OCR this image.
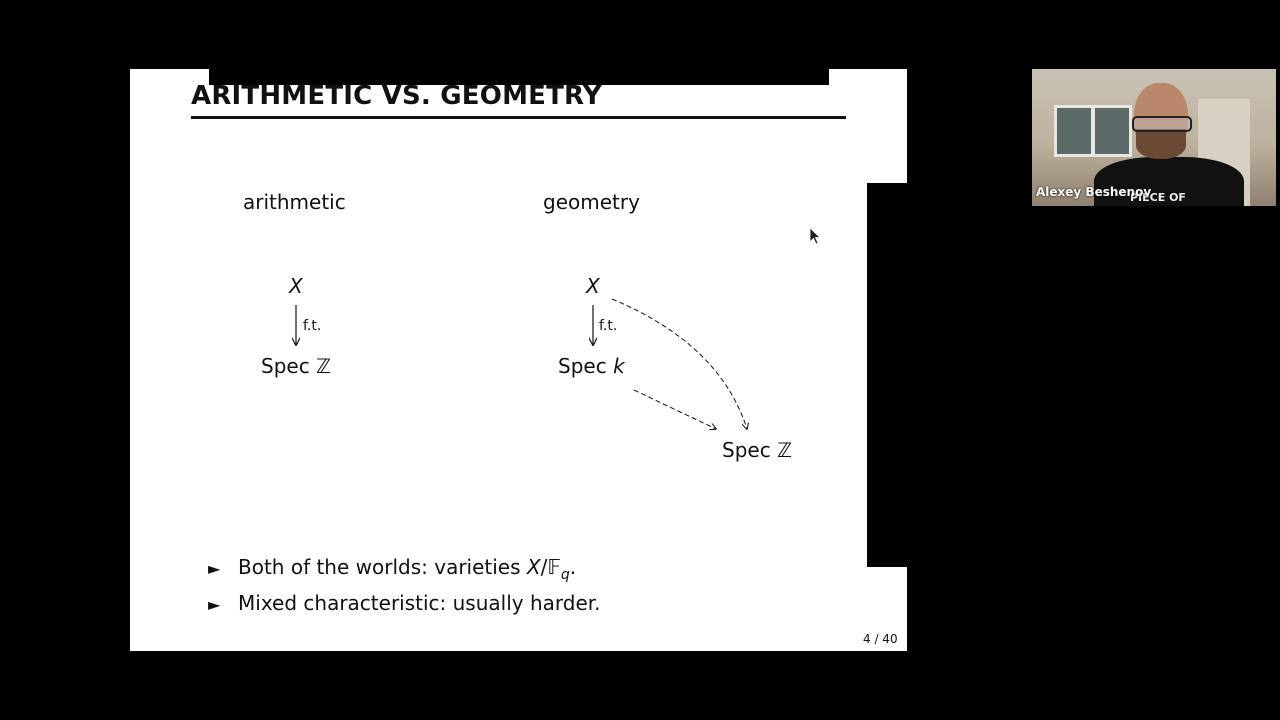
ARITHMETIC VS. GEOMETRY
arithmetic	geometry
X
f.t.
Spec ℤ
X
f.t.
Spec k
Spec ℤ
► Both of the worlds: varieties X/𝔽$_q$.
► Mixed characteristic: usually harder.
4 / 40
PIECE OF
Alexey Beshenov
